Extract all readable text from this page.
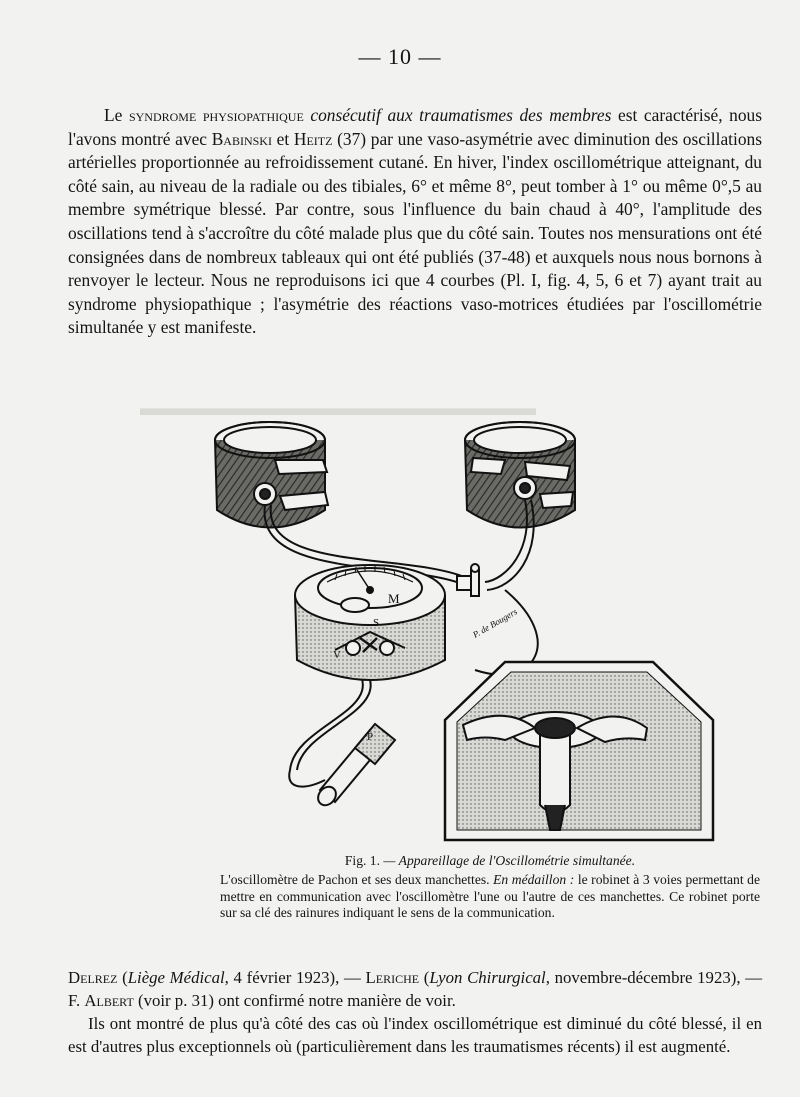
▬▬▬▬▬▬▬▬▬▬▬▬▬▬▬▬▬▬
— 10 —

Le syndrome physiopathique consécutif aux traumatismes des membres est caractérisé, nous l'avons montré avec Babinski et Heitz (37) par une vaso-asymétrie avec diminution des oscillations artérielles proportionnée au refroidissement cutané. En hiver, l'index oscillométrique atteignant, du côté sain, au niveau de la radiale ou des tibiales, 6° et même 8°, peut tomber à 1° ou même 0°,5 au membre symétrique blessé. Par contre, sous l'influence du bain chaud à 40°, l'amplitude des oscillations tend à s'accroître du côté malade plus que du côté sain. Toutes nos mensurations ont été consignées dans de nombreux tableaux qui ont été publiés (37-48) et auxquels nous nous bornons à renvoyer le lecteur. Nous ne reproduisons ici que 4 courbes (Pl. I, fig. 4, 5, 6 et 7) ayant trait au syndrome physiopathique ; l'asymétrie des réactions vaso-motrices étudiées par l'oscillométrie simultanée y est manifeste.

P. de Bougers
M
S
V
P

Fig. 1. — Appareillage de l'Oscillométrie simultanée.

L'oscillomètre de Pachon et ses deux manchettes. En médaillon : le robinet à 3 voies permettant de mettre en communication avec l'oscillomètre l'une ou l'autre de ces manchettes. Ce robinet porte sur sa clé des rainures indiquant le sens de la communication.

Delrez (Liège Médical, 4 février 1923), — Leriche (Lyon Chirurgical, novembre-décembre 1923), — F. Albert (voir p. 31) ont confirmé notre manière de voir.

Ils ont montré de plus qu'à côté des cas où l'index oscillométrique est diminué du côté blessé, il en est d'autres plus exceptionnels où (particulièrement dans les traumatismes récents) il est augmenté.
